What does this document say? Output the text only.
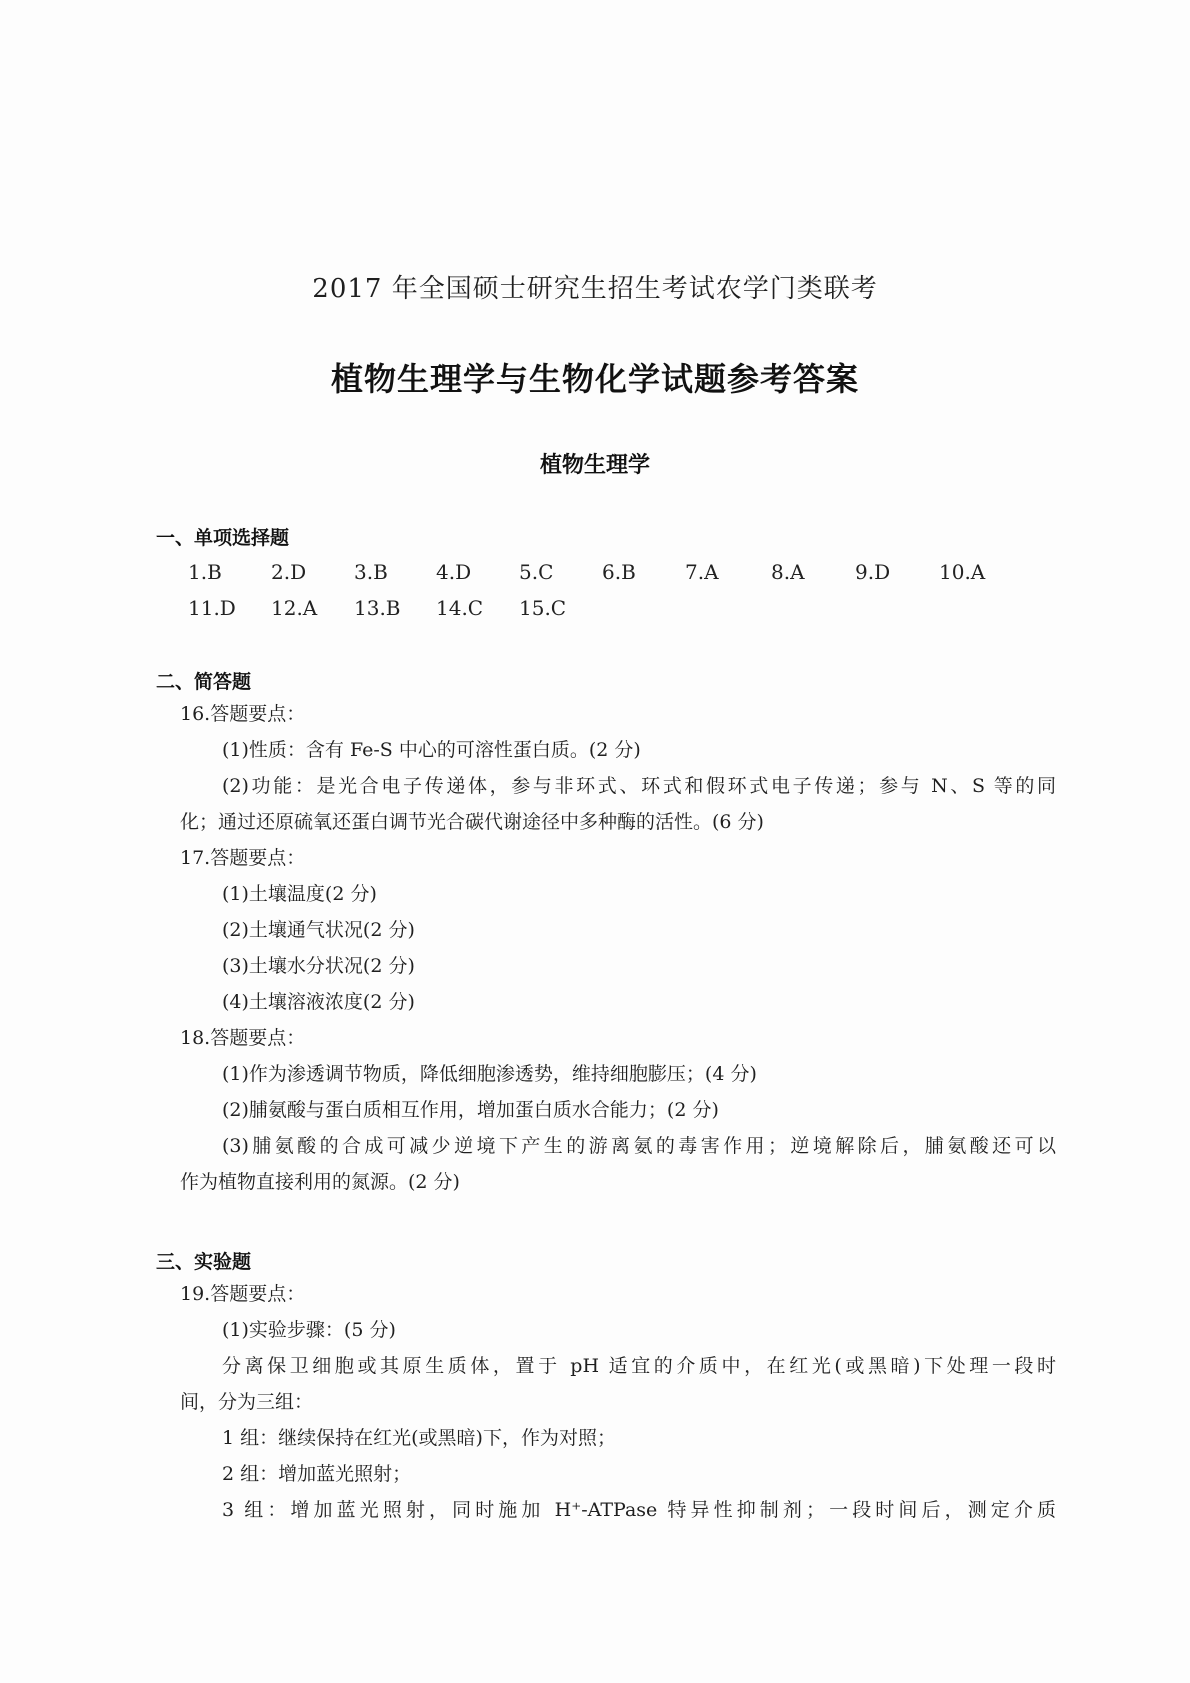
2017 年全国硕士研究生招生考试农学门类联考
植物生理学与生物化学试题参考答案
植物生理学
一、单项选择题
1.B 2.D 3.B 4.D 5.C 6.B 7.A	8.A	9.D 10.A
11.D 12.A 13.B 14.C 15.C
二、简答题
16.答题要点：
(1)性质：含有 Fe-S 中心的可溶性蛋白质。(2 分)
(2)功能：是光合电子传递体，参与非环式、环式和假环式电子传递；参与 N、S 等的同
化；通过还原硫氧还蛋白调节光合碳代谢途径中多种酶的活性。(6 分)
17.答题要点：
(1)土壤温度(2 分)
(2)土壤通气状况(2 分)
(3)土壤水分状况(2 分)
(4)土壤溶液浓度(2 分)
18.答题要点：
(1)作为渗透调节物质，降低细胞渗透势，维持细胞膨压；(4 分)
(2)脯氨酸与蛋白质相互作用，增加蛋白质水合能力；(2 分)
(3)脯氨酸的合成可减少逆境下产生的游离氨的毒害作用；逆境解除后，脯氨酸还可以
作为植物直接利用的氮源。(2 分)
三、实验题
19.答题要点：
(1)实验步骤：(5 分)
分离保卫细胞或其原生质体，置于 pH 适宜的介质中，在红光(或黑暗)下处理一段时
间，分为三组：
1 组：继续保持在红光(或黑暗)下，作为对照；
2 组：增加蓝光照射；
3 组：增加蓝光照射，同时施加 H⁺-ATPase 特异性抑制剂；一段时间后，测定介质
